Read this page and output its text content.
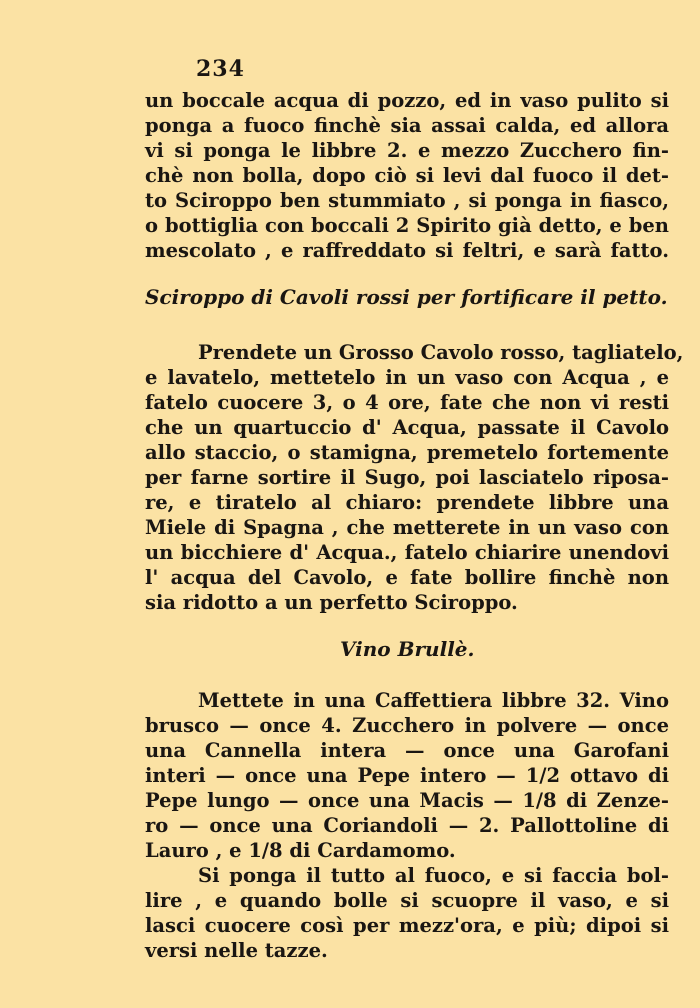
234
un boccale acqua di pozzo, ed in vaso pulito si
ponga a fuoco finchè sia assai calda, ed allora
vi si ponga le libbre 2. e mezzo Zucchero fin-
chè non bolla, dopo ciò si levi dal fuoco il det-
to Sciroppo ben stummiato , si ponga in fiasco,
o bottiglia con boccali 2 Spirito già detto, e ben
mescolato , e raffreddato si feltri, e sarà fatto.
Sciroppo di Cavoli rossi per fortificare il petto.
Prendete un Grosso Cavolo rosso, tagliatelo,
e lavatelo, mettetelo in un vaso con Acqua , e
fatelo cuocere 3, o 4 ore, fate che non vi resti
che un quartuccio d' Acqua, passate il Cavolo
allo staccio, o stamigna, premetelo fortemente
per farne sortire il Sugo, poi lasciatelo riposa-
re, e tiratelo al chiaro: prendete libbre una
Miele di Spagna , che metterete in un vaso con
un bicchiere d' Acqua., fatelo chiarire unendovi
l' acqua del Cavolo, e fate bollire finchè non
sia ridotto a un perfetto Sciroppo.
Vino Brullè.
Mettete in una Caffettiera libbre 32. Vino
brusco — once 4. Zucchero in polvere — once
una Cannella intera — once una Garofani
interi — once una Pepe intero — 1/2 ottavo di
Pepe lungo — once una Macis — 1/8 di Zenze-
ro — once una Coriandoli — 2. Pallottoline di
Lauro , e 1/8 di Cardamomo.
Si ponga il tutto al fuoco, e si faccia bol-
lire , e quando bolle si scuopre il vaso, e si
lasci cuocere così per mezz'ora, e più; dipoi si
versi nelle tazze.
